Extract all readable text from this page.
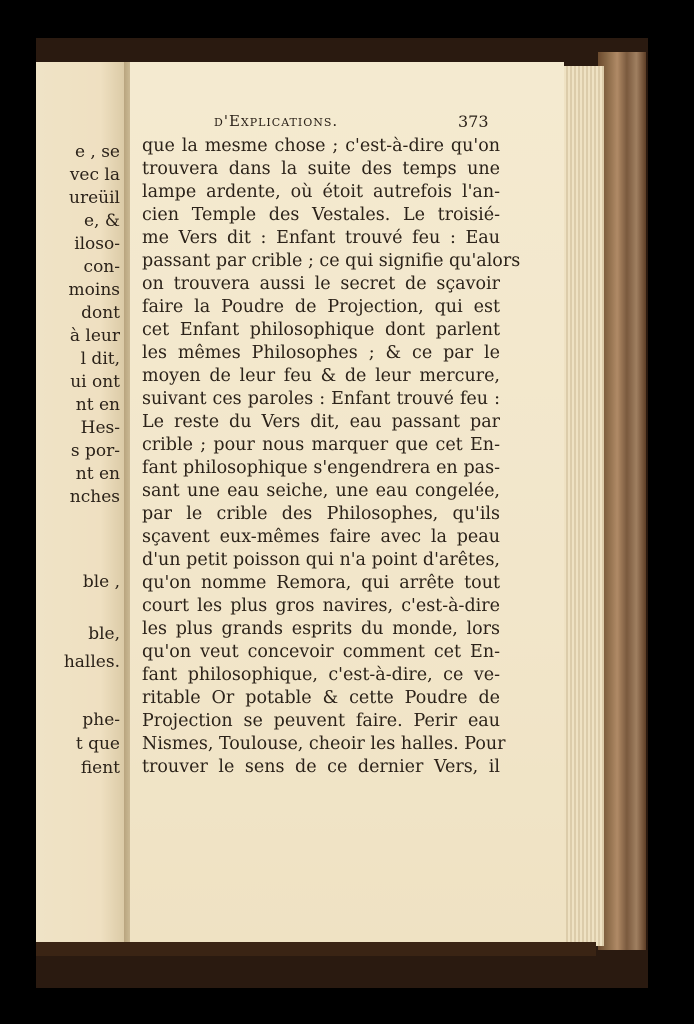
e , se
vec la
ureüil
e, &
iloso-
con-
moins
dont
à leur
l dit,
ui ont
nt en
Hes-
s por-
nt en
nches
ble ,
ble,
halles.
phe-
t que
fient
d'Explications.	373
que la mesme chose ; c'est-à-dire qu'on
trouvera dans la suite des temps une
lampe ardente, où étoit autrefois l'an-
cien Temple des Vestales. Le troisié-
me Vers dit : Enfant trouvé feu : Eau
passant par crible ; ce qui signifie qu'alors
on trouvera aussi le secret de sçavoir
faire la Poudre de Projection, qui est
cet Enfant philosophique dont parlent
les mêmes Philosophes ; & ce par le
moyen de leur feu & de leur mercure,
suivant ces paroles : Enfant trouvé feu :
Le reste du Vers dit, eau passant par
crible ; pour nous marquer que cet En-
fant philosophique s'engendrera en pas-
sant une eau seiche, une eau congelée,
par le crible des Philosophes, qu'ils
sçavent eux-mêmes faire avec la peau
d'un petit poisson qui n'a point d'arêtes,
qu'on nomme Remora, qui arrête tout
court les plus gros navires, c'est-à-dire
les plus grands esprits du monde, lors
qu'on veut concevoir comment cet En-
fant philosophique, c'est-à-dire, ce ve-
ritable Or potable & cette Poudre de
Projection se peuvent faire. Perir eau
Nismes, Toulouse, cheoir les halles. Pour
trouver le sens de ce dernier Vers, il
